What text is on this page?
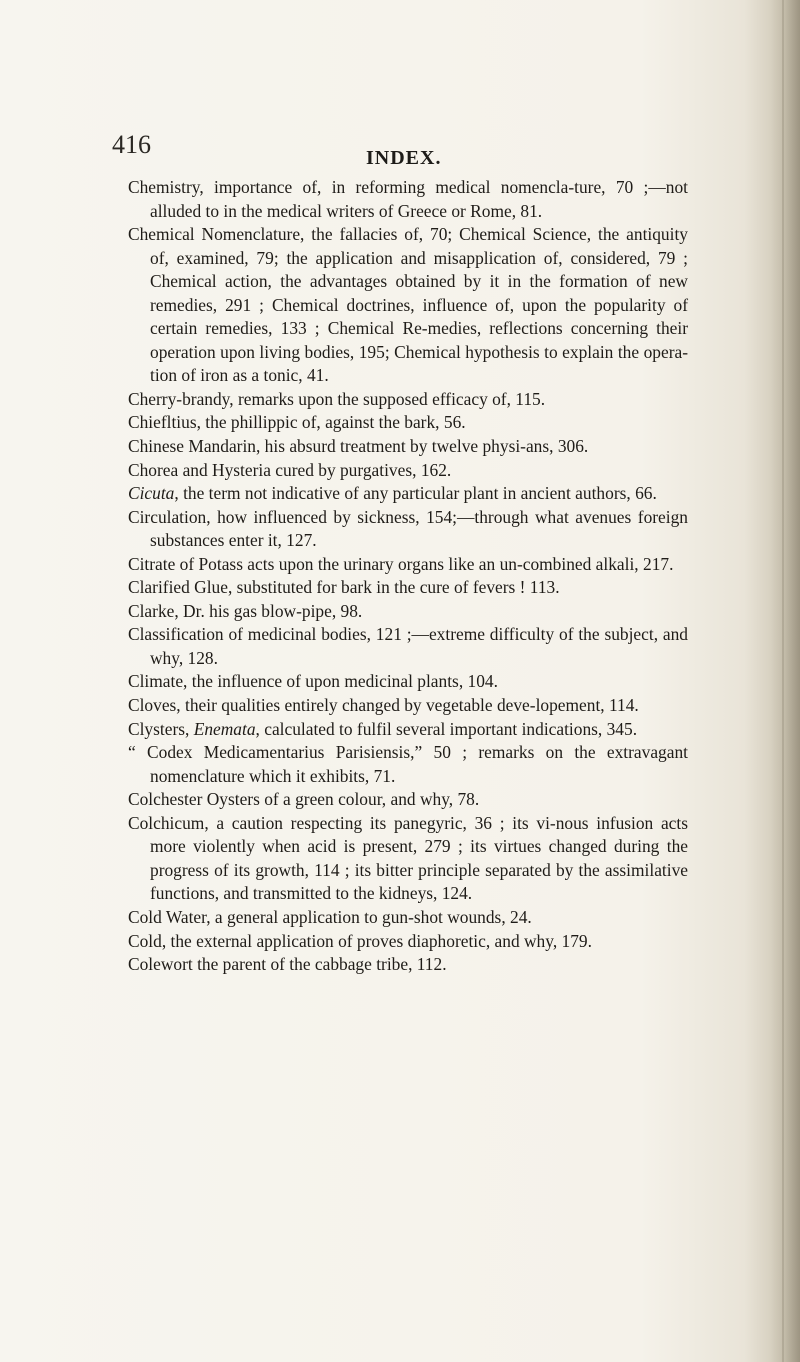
416	INDEX.

Chemistry, importance of, in reforming medical nomencla-ture, 70 ;—not alluded to in the medical writers of Greece or Rome, 81.

Chemical Nomenclature, the fallacies of, 70; Chemical Science, the antiquity of, examined, 79; the application and misapplication of, considered, 79 ; Chemical action, the advantages obtained by it in the formation of new remedies, 291 ; Chemical doctrines, influence of, upon the popularity of certain remedies, 133 ; Chemical Re-medies, reflections concerning their operation upon living bodies, 195; Chemical hypothesis to explain the opera-tion of iron as a tonic, 41.

Cherry-brandy, remarks upon the supposed efficacy of, 115.

Chiefltius, the phillippic of, against the bark, 56.

Chinese Mandarin, his absurd treatment by twelve physi-ans, 306.

Chorea and Hysteria cured by purgatives, 162.

Cicuta, the term not indicative of any particular plant in ancient authors, 66.

Circulation, how influenced by sickness, 154;—through what avenues foreign substances enter it, 127.

Citrate of Potass acts upon the urinary organs like an un-combined alkali, 217.

Clarified Glue, substituted for bark in the cure of fevers ! 113.

Clarke, Dr. his gas blow-pipe, 98.

Classification of medicinal bodies, 121 ;—extreme difficulty of the subject, and why, 128.

Climate, the influence of upon medicinal plants, 104.

Cloves, their qualities entirely changed by vegetable deve-lopement, 114.

Clysters, Enemata, calculated to fulfil several important indications, 345.

“ Codex Medicamentarius Parisiensis,” 50 ; remarks on the extravagant nomenclature which it exhibits, 71.

Colchester Oysters of a green colour, and why, 78.

Colchicum, a caution respecting its panegyric, 36 ; its vi-nous infusion acts more violently when acid is present, 279 ; its virtues changed during the progress of its growth, 114 ; its bitter principle separated by the assimilative functions, and transmitted to the kidneys, 124.

Cold Water, a general application to gun-shot wounds, 24.

Cold, the external application of proves diaphoretic, and why, 179.

Colewort the parent of the cabbage tribe, 112.
